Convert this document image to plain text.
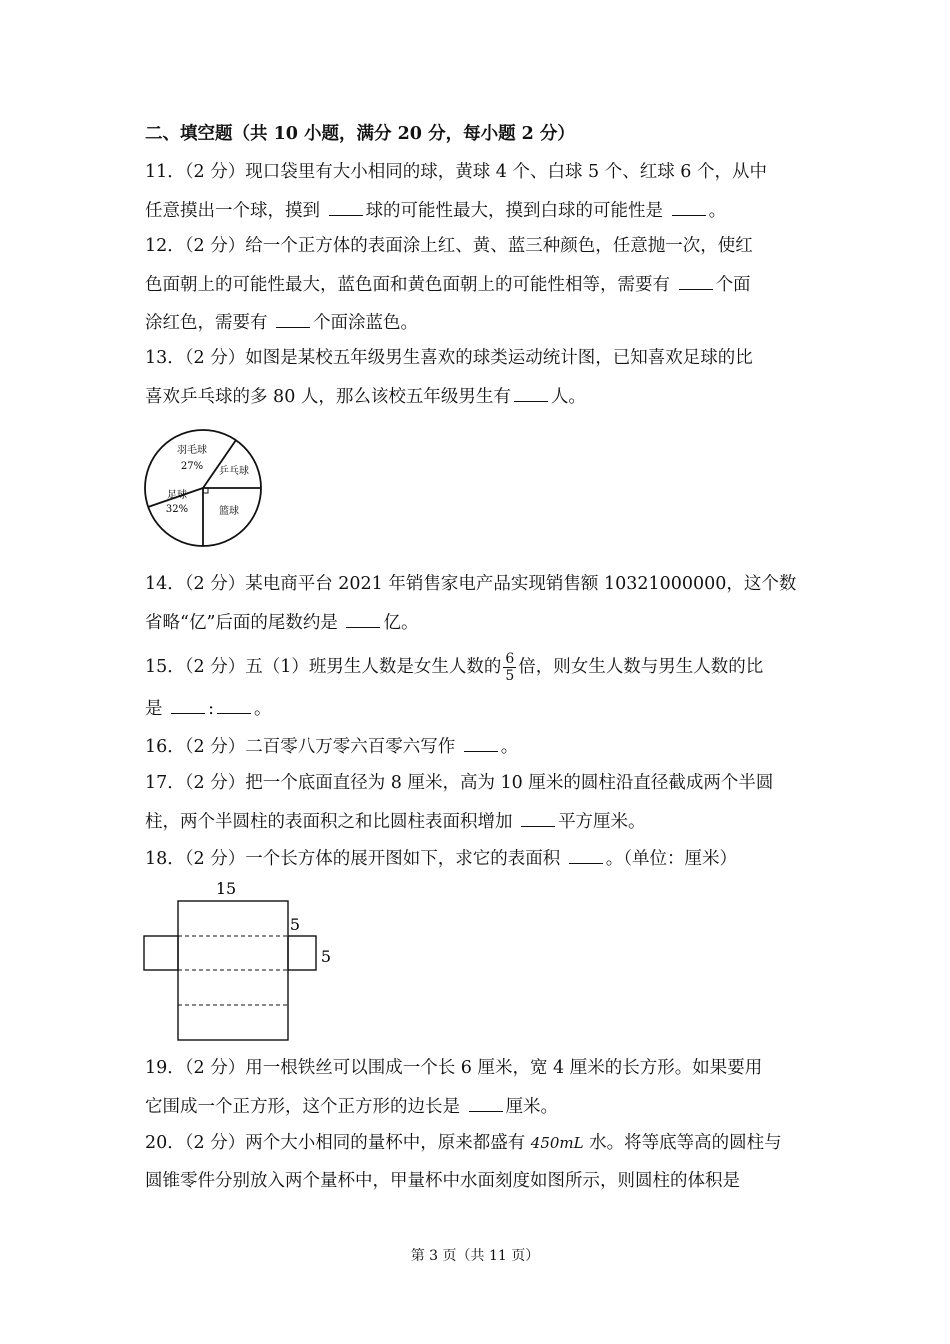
二、填空题（共 10 小题，满分 20 分，每小题 2 分）
11．（2 分）现口袋里有大小相同的球，黄球 4 个、白球 5 个、红球 6 个，从中
任意摸出一个球，摸到 球的可能性最大，摸到白球的可能性是 。
12．（2 分）给一个正方体的表面涂上红、黄、蓝三种颜色，任意抛一次，使红
色面朝上的可能性最大，蓝色面和黄色面朝上的可能性相等，需要有 个面
涂红色，需要有 个面涂蓝色。
13．（2 分）如图是某校五年级男生喜欢的球类运动统计图，已知喜欢足球的比
喜欢乒乓球的多 80 人，那么该校五年级男生有 人。
羽毛球
27% 乒乓球
足球
32%	篮球
14．（2 分）某电商平台 2021 年销售家电产品实现销售额 10321000000，这个数
省略“亿”后面的尾数约是 亿。
15．（2 分）五（1）班男生人数是女生人数的 $\frac{6}{5}$ 倍，则女生人数与男生人数的比
是 : 。
16．（2 分）二百零八万零六百零六写作 。
17．（2 分）把一个底面直径为 8 厘米，高为 10 厘米的圆柱沿直径截成两个半圆
柱，两个半圆柱的表面积之和比圆柱表面积增加 平方厘米。
18．（2 分）一个长方体的展开图如下，求它的表面积 。（单位：厘米）
15
5
5
19．（2 分）用一根铁丝可以围成一个长 6 厘米，宽 4 厘米的长方形。如果要用
它围成一个正方形，这个正方形的边长是 厘米。
20．（2 分）两个大小相同的量杯中，原来都盛有 450mL 水。将等底等高的圆柱与
圆锥零件分别放入两个量杯中，甲量杯中水面刻度如图所示，则圆柱的体积是
第 3 页（共 11 页）
